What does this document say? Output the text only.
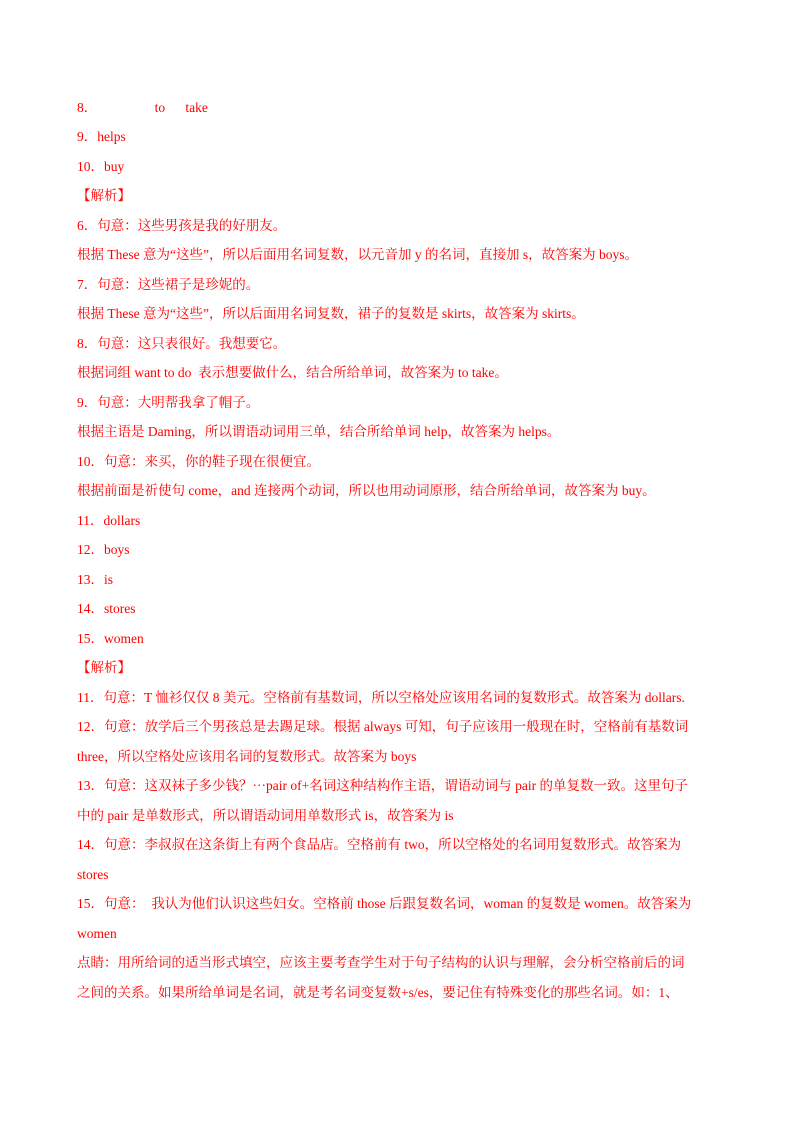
8．                 to      take
9．helps
10．buy
【解析】
6．句意：这些男孩是我的好朋友。
根据 These 意为“这些”，所以后面用名词复数，以元音加 y 的名词，直接加 s，故答案为 boys。
7．句意：这些裙子是珍妮的。
根据 These 意为“这些”，所以后面用名词复数，裙子的复数是 skirts，故答案为 skirts。
8．句意：这只表很好。我想要它。
根据词组 want to do  表示想要做什么，结合所给单词，故答案为 to take。
9．句意：大明帮我拿了帽子。
根据主语是 Daming，所以谓语动词用三单，结合所给单词 help，故答案为 helps。
10．句意：来买，你的鞋子现在很便宜。
根据前面是祈使句 come，and 连接两个动词，所以也用动词原形，结合所给单词，故答案为 buy。
11．dollars
12．boys
13．is
14．stores
15．women
【解析】
11．句意：T 恤衫仅仅 8 美元。空格前有基数词，所以空格处应该用名词的复数形式。故答案为 dollars.
12．句意：放学后三个男孩总是去踢足球。根据 always 可知，句子应该用一般现在时，空格前有基数词
three，所以空格处应该用名词的复数形式。故答案为 boys
13．句意：这双袜子多少钱？···pair of+名词这种结构作主语，谓语动词与 pair 的单复数一致。这里句子
中的 pair 是单数形式，所以谓语动词用单数形式 is，故答案为 is
14．句意：李叔叔在这条街上有两个食品店。空格前有 two，所以空格处的名词用复数形式。故答案为
stores
15．句意：  我认为他们认识这些妇女。空格前 those 后跟复数名词，woman 的复数是 women。故答案为
women
点睛：用所给词的适当形式填空，应该主要考查学生对于句子结构的认识与理解，会分析空格前后的词
之间的关系。如果所给单词是名词，就是考名词变复数+s/es，要记住有特殊变化的那些名词。如：1、
